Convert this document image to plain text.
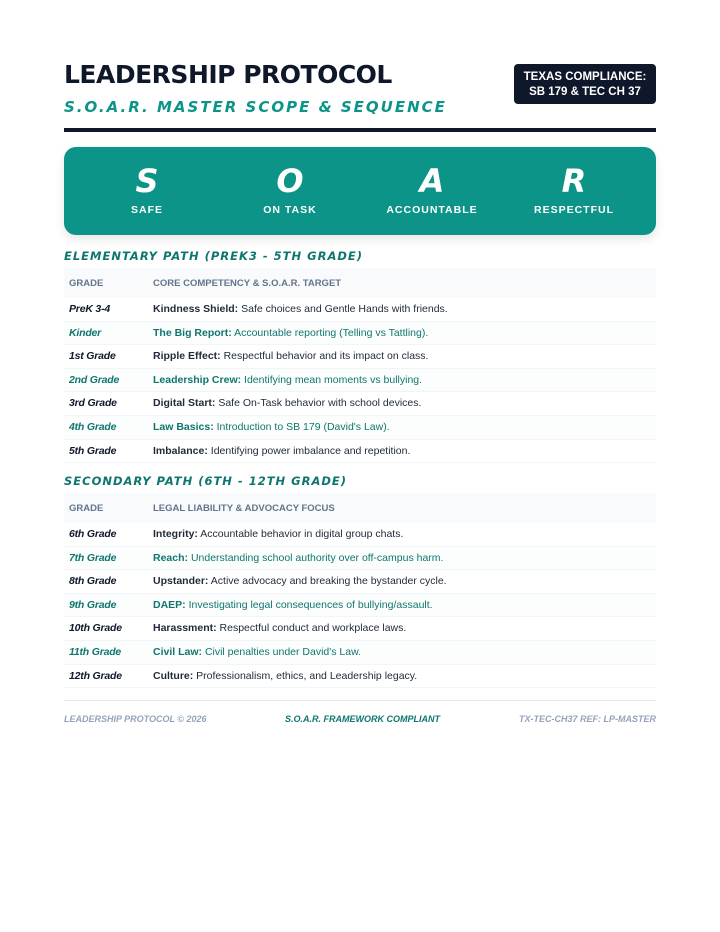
LEADERSHIP PROTOCOL
S.O.A.R. MASTER SCOPE & SEQUENCE
TEXAS COMPLIANCE:
SB 179 & TEC CH 37
S
SAFE
O
ON TASK
A
ACCOUNTABLE
R
RESPECTFUL
ELEMENTARY PATH (PREK3 - 5TH GRADE)
GRADE	CORE COMPETENCY & S.O.A.R. TARGET
PreK 3-4	Kindness Shield: Safe choices and Gentle Hands with friends.
Kinder	The Big Report: Accountable reporting (Telling vs Tattling).
1st Grade	Ripple Effect: Respectful behavior and its impact on class.
2nd Grade	Leadership Crew: Identifying mean moments vs bullying.
3rd Grade	Digital Start: Safe On-Task behavior with school devices.
4th Grade	Law Basics: Introduction to SB 179 (David's Law).
5th Grade	Imbalance: Identifying power imbalance and repetition.
SECONDARY PATH (6TH - 12TH GRADE)
GRADE	LEGAL LIABILITY & ADVOCACY FOCUS
6th Grade	Integrity: Accountable behavior in digital group chats.
7th Grade	Reach: Understanding school authority over off-campus harm.
8th Grade	Upstander: Active advocacy and breaking the bystander cycle.
9th Grade	DAEP: Investigating legal consequences of bullying/assault.
10th Grade	Harassment: Respectful conduct and workplace laws.
11th Grade	Civil Law: Civil penalties under David's Law.
12th Grade	Culture: Professionalism, ethics, and Leadership legacy.
LEADERSHIP PROTOCOL © 2026	S.O.A.R. FRAMEWORK COMPLIANT	TX-TEC-CH37 REF: LP-MASTER
